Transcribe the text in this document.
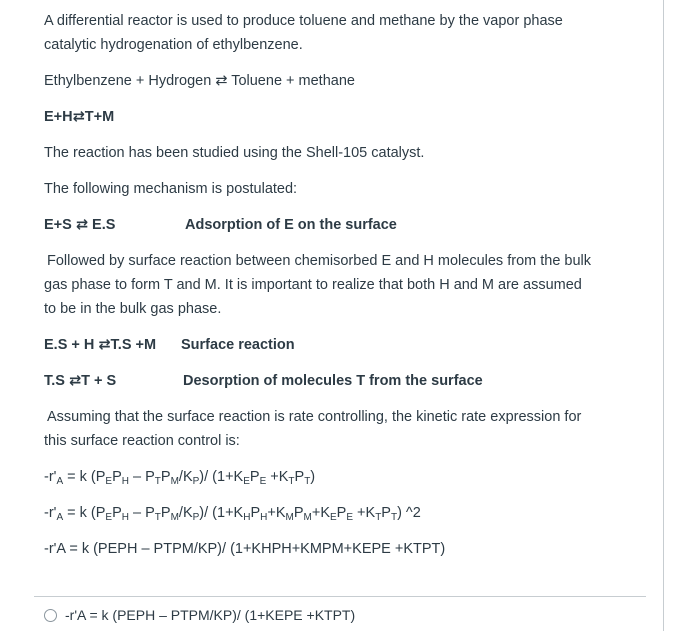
A differential reactor is used to produce toluene and methane by the vapor phase

catalytic hydrogenation of ethylbenzene.

Ethylbenzene + Hydrogen ⇄ Toluene + methane

E+H⇄T+M

The reaction has been studied using the Shell-105 catalyst.

The following mechanism is postulated:

E+S ⇄ E.S	Adsorption of E on the surface

Followed by surface reaction between chemisorbed E and H molecules from the bulk

gas phase to form T and M. It is important to realize that both H and M are assumed

to be in the bulk gas phase.

E.S + H ⇄T.S +M Surface reaction

T.S ⇄T + S	Desorption of molecules T from the surface

Assuming that the surface reaction is rate controlling, the kinetic rate expression for

this surface reaction control is:

$-r'_A = k$ $(P_EP_H - P_TP_M/K_P)/$ $(1+K_EP_E +K_TP_T)$

$-r'_A = k$ $(P_EP_H - P_TP_M/K_P)/$ $(1+K_HP_H+K_MP_M+K_EP_E +K_TP_T)$ ^2

-r'A = k (PEPH – PTPM/KP)/ (1+KHPH+KMPM+KEPE +KTPT)

-r'A = k (PEPH – PTPM/KP)/ (1+KEPE +KTPT)
